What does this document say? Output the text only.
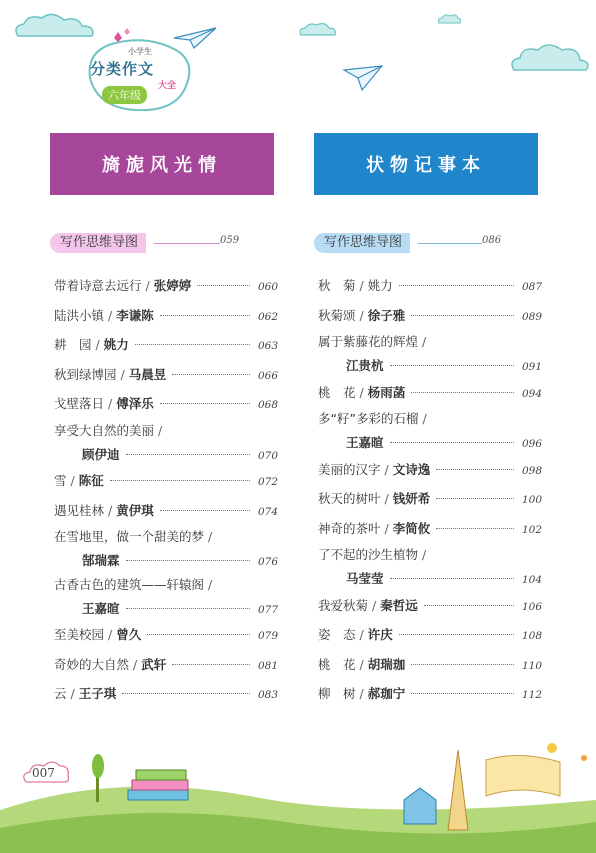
小学生
分类作文
六年级
大全
旖旎风光情	状物记事本
写作思维导图	059	写作思维导图	086
带着诗意去远行 / 张婷婷	060
陆洪小镇 / 李谦陈	062
耕　园 / 姚力	063
秋到绿博园 / 马晨昱	066
戈壁落日 / 傅泽乐	068
享受大自然的美丽 /
顾伊迪	070
雪 / 陈征	072
遇见桂林 / 黄伊琪	074
在雪地里，做一个甜美的梦 /
郜瑞霖	076
古香古色的建筑——轩辕阁 /
王嘉暄	077
至美校园 / 曾久	079
奇妙的大自然 / 武轩	081
云 / 王子琪	083
秋　菊 / 姚力	087
秋菊颂 / 徐子雅	089
属于紫藤花的辉煌 /
江贵杭	091
桃　花 / 杨雨菡	094
多“籽”多彩的石榴 /
王嘉暄	096
美丽的汉字 / 文诗逸	098
秋天的树叶 / 钱妍希	100
神奇的茶叶 / 李简攸	102
了不起的沙生植物 /
马莹莹	104
我爱秋菊 / 秦哲远	106
姿　态 / 许庆	108
桃　花 / 胡瑞珈	110
柳　树 / 郝珈宁	112
007
